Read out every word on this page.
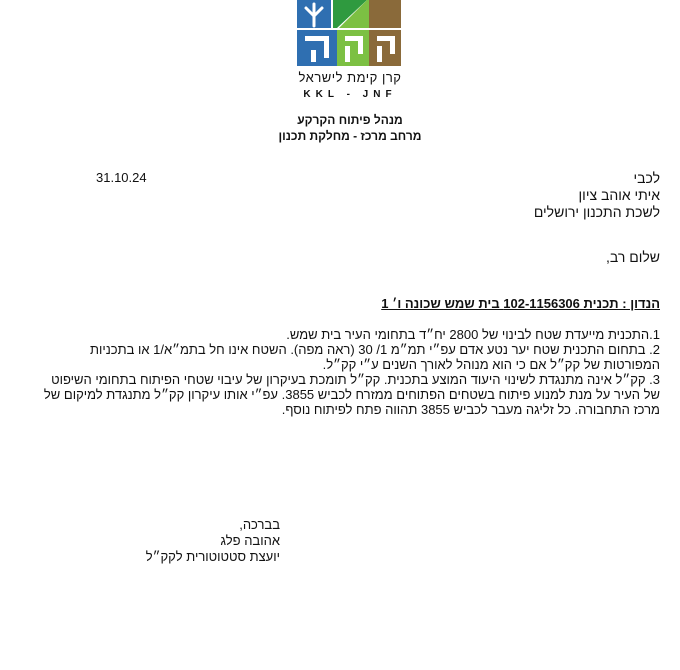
קרן קימת לישראל
KKL - JNF
מנהל פיתוח הקרקע
מרחב מרכז - מחלקת תכנון
31.10.24	לכבי
איתי אוהב ציון
לשכת התכנון ירושלים
שלום רב,
הנדון : תכנית 102-1156306 בית שמש שכונה ו׳ 1

1.התכנית מייעדת שטח לבינוי של 2800 יח״ד בתחומי העיר בית שמש.

2. בתחום התכנית שטח יער נטע אדם עפ״י תמ״מ 1/ 30 (ראה מפה). השטח אינו חל בתמ״א/1 או בתכניות המפורטות של קק״ל אם כי הוא מנוהל לאורך השנים ע״י קק״ל.

3. קק״ל אינה מתנגדת לשינוי היעוד המוצע בתכנית. קק״ל תומכת בעיקרון של עיבוי שטחי הפיתוח בתחומי השיפוט של העיר על מנת למנוע פיתוח בשטחים הפתוחים ממזרח לכביש 3855. עפ״י אותו עיקרון קק״ל מתנגדת למיקום של מרכז התחבורה. כל זליגה מעבר לכביש 3855 תהווה פתח לפיתוח נוסף.

בברכה,
אהובה פלג
יועצת סטטוטורית לקק״ל
